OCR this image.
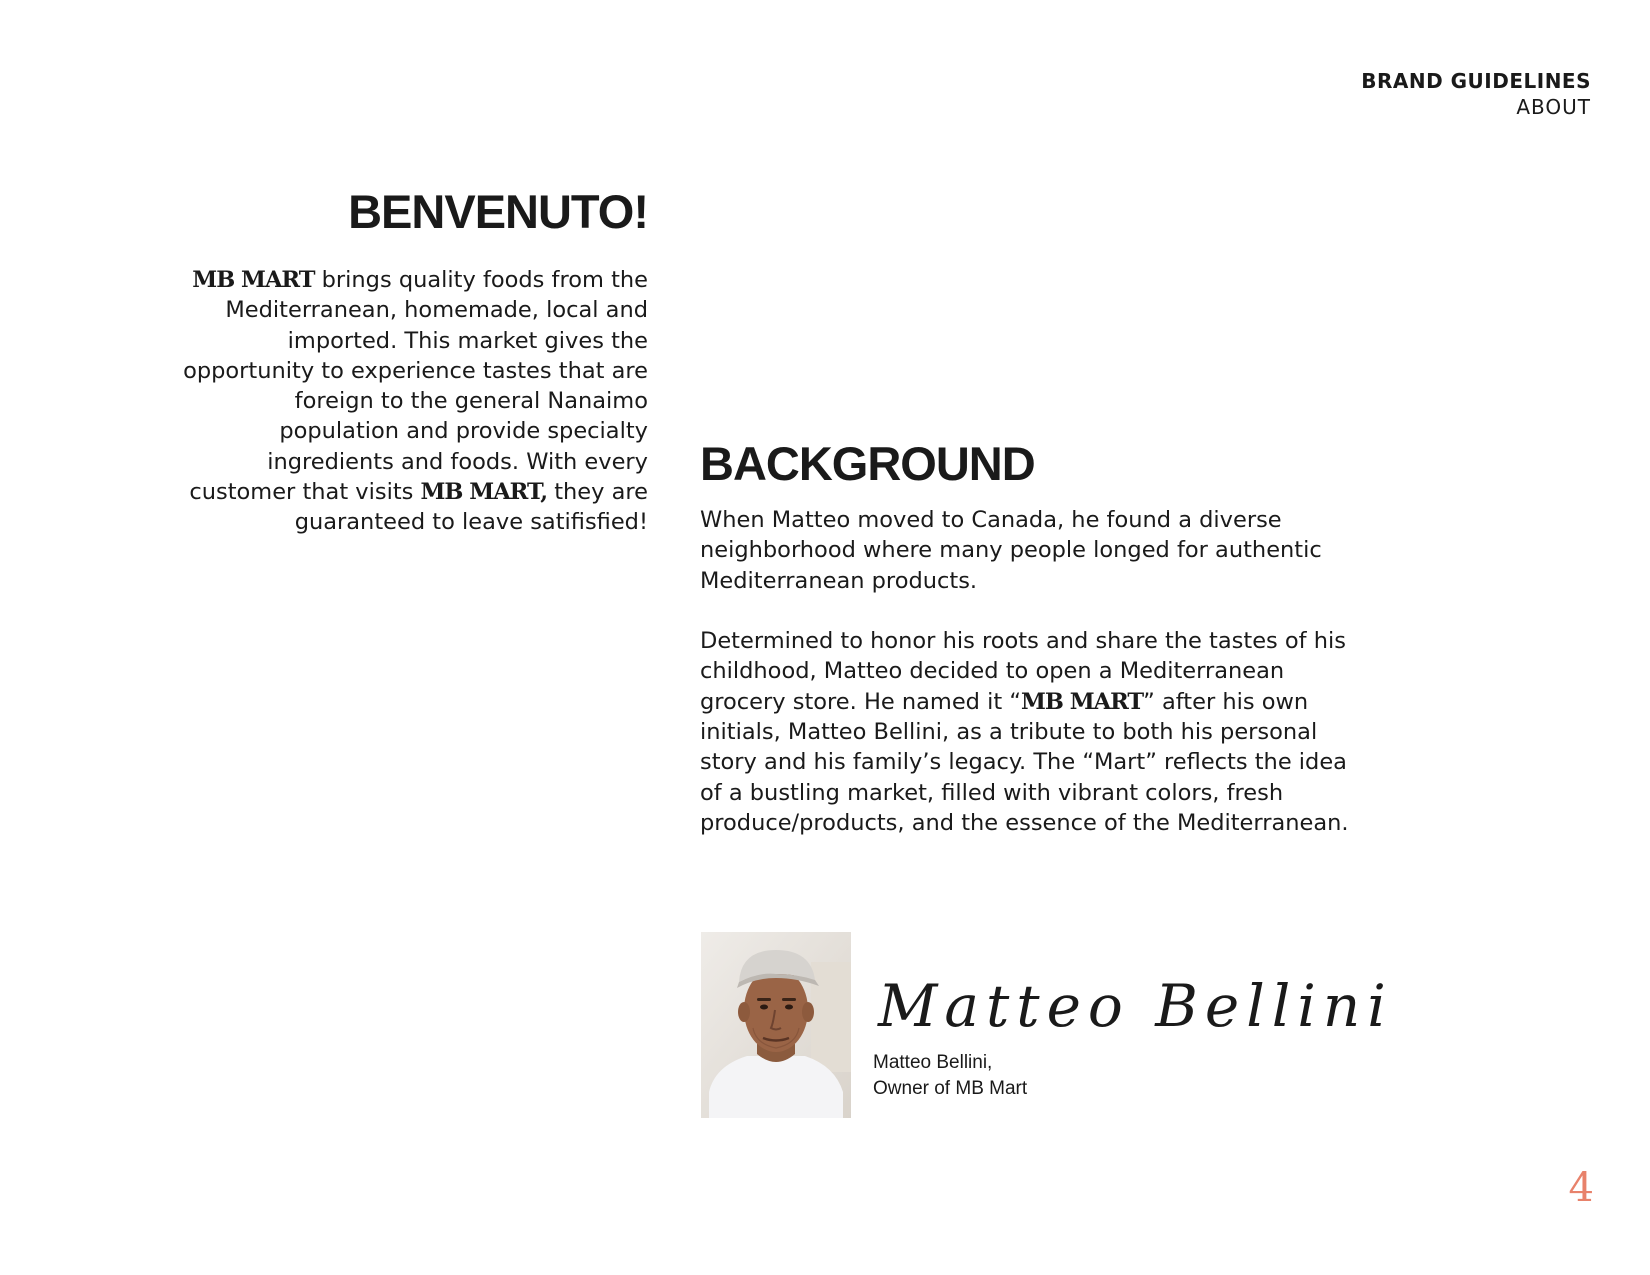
BRAND GUIDELINES
ABOUT
BENVENUTO!

MB MART brings quality foods from the Mediterranean, homemade, local and imported. This market gives the opportunity to experience tastes that are foreign to the general Nanaimo population and provide specialty ingredients and foods. With every customer that visits MB MART, they are guaranteed to leave satifisfied!

BACKGROUND

When Matteo moved to Canada, he found a diverse neighborhood where many people longed for authentic Mediterranean products.

Determined to honor his roots and share the tastes of his childhood, Matteo decided to open a Mediterranean grocery store. He named it “MB MART” after his own initials, Matteo Bellini, as a tribute to both his personal story and his family’s legacy. The “Mart” reflects the idea of a bustling market, filled with vibrant colors, fresh produce/products, and the essence of the Mediterranean.

Matteo Bellini
Matteo Bellini,
Owner of MB Mart
4
